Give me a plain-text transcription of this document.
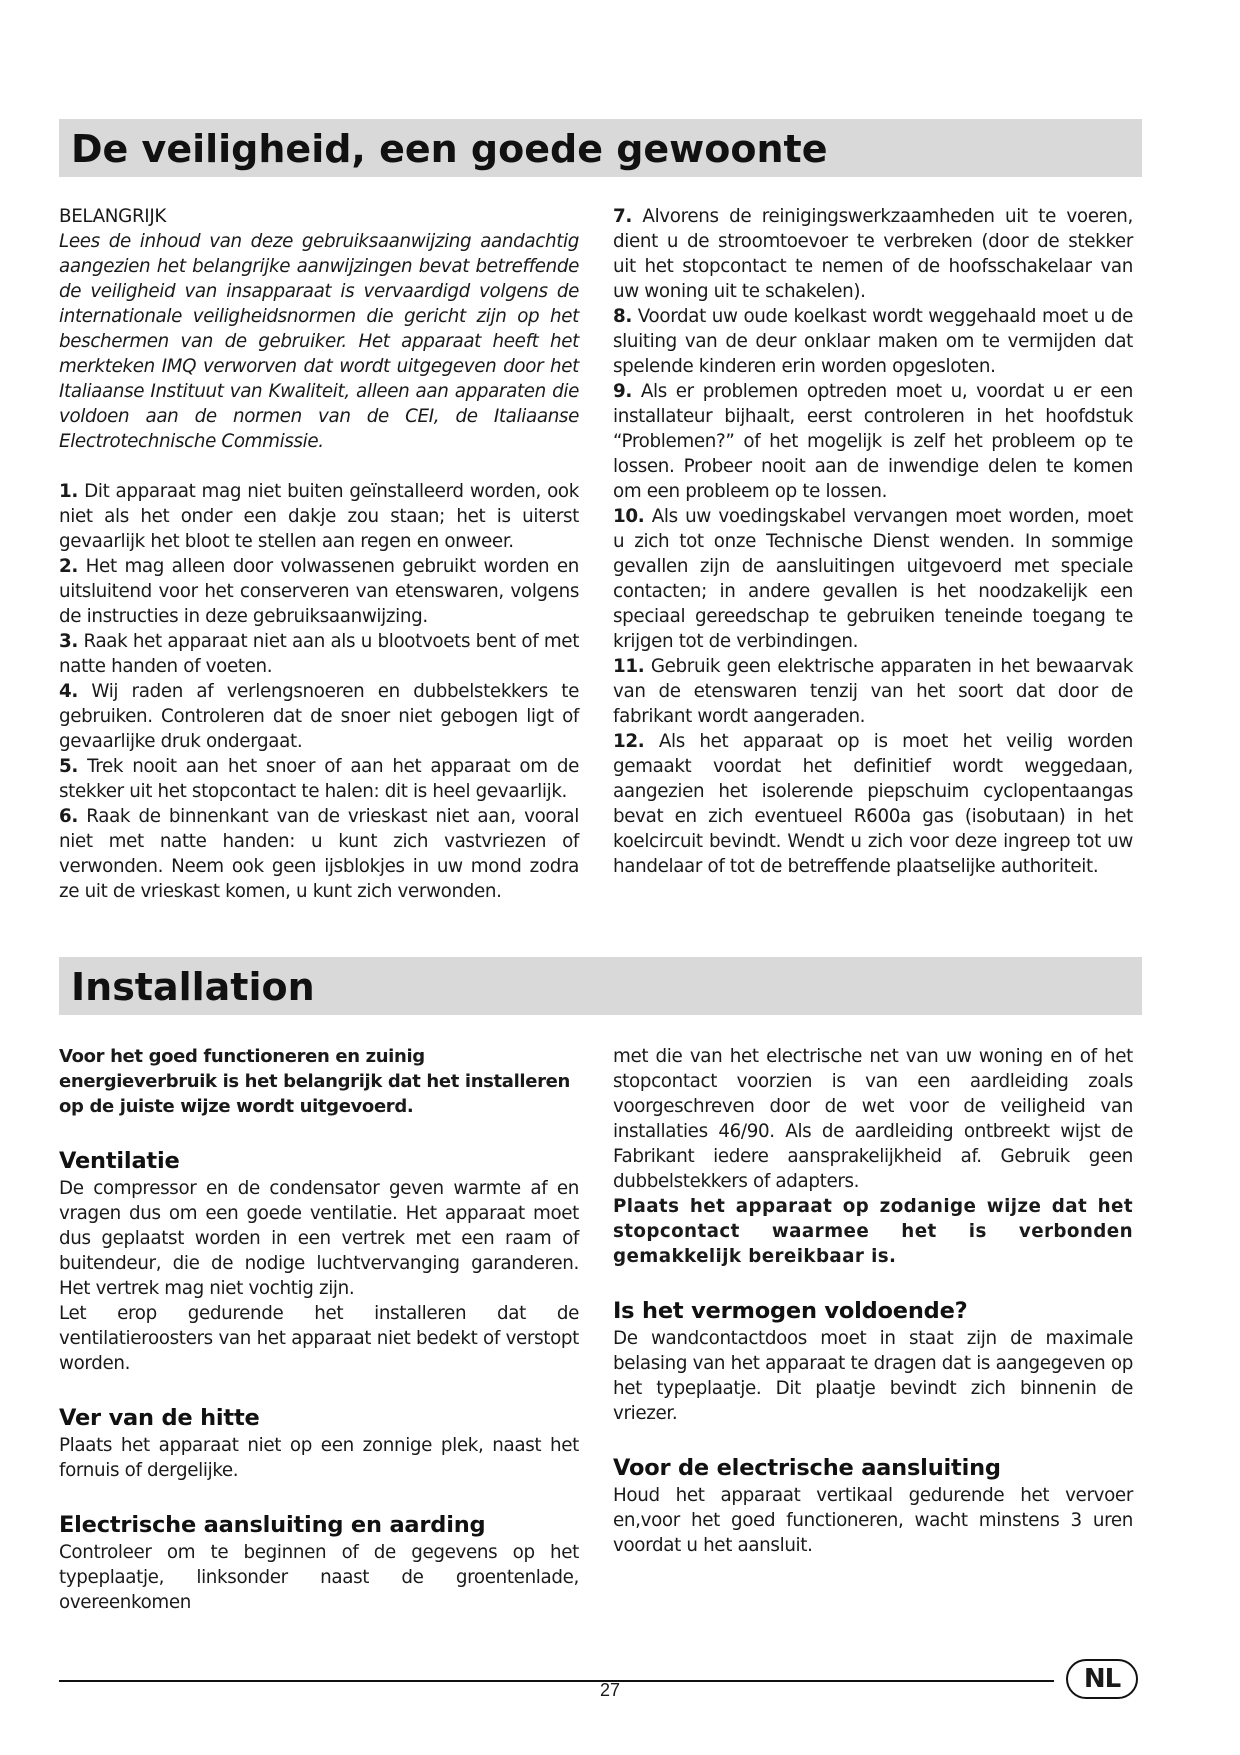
De veiligheid, een goede gewoonte

BELANGRIJK

Lees de inhoud van deze gebruiksaanwijzing aandachtig aangezien het belangrijke aanwijzingen bevat betreffende de veiligheid van insapparaat is vervaardigd volgens de internationale veiligheidsnormen die gericht zijn op het beschermen van de gebruiker. Het apparaat heeft het merkteken IMQ verworven dat wordt uitgegeven door het Italiaanse Instituut van Kwaliteit, alleen aan apparaten die voldoen aan de normen van de CEI, de Italiaanse Electrotechnische Commissie.

1. Dit apparaat mag niet buiten geïnstalleerd worden, ook niet als het onder een dakje zou staan; het is uiterst gevaarlijk het bloot te stellen aan regen en onweer.

2. Het mag alleen door volwassenen gebruikt worden en uitsluitend voor het conserveren van etenswaren, volgens de instructies in deze gebruiksaanwijzing.

3. Raak het apparaat niet aan als u blootvoets bent of met natte handen of voeten.

4. Wij raden af verlengsnoeren en dubbelstekkers te gebruiken. Controleren dat de snoer niet gebogen ligt of gevaarlijke druk ondergaat.

5. Trek nooit aan het snoer of aan het apparaat om de stekker uit het stopcontact te halen: dit is heel gevaarlijk.

6. Raak de binnenkant van de vrieskast niet aan, vooral niet met natte handen: u kunt zich vastvriezen of verwonden. Neem ook geen ijsblokjes in uw mond zodra ze uit de vrieskast komen, u kunt zich verwonden.

7. Alvorens de reinigingswerkzaamheden uit te voeren, dient u de stroomtoevoer te verbreken (door de stekker uit het stopcontact te nemen of de hoofsschakelaar van uw woning uit te schakelen).

8. Voordat uw oude koelkast wordt weggehaald moet u de sluiting van de deur onklaar maken om te vermijden dat spelende kinderen erin worden opgesloten.

9. Als er problemen optreden moet u, voordat u er een installateur bijhaalt, eerst controleren in het hoofdstuk “Problemen?” of het mogelijk is zelf het probleem op te lossen. Probeer nooit aan de inwendige delen te komen om een probleem op te lossen.

10. Als uw voedingskabel vervangen moet worden, moet u zich tot onze Technische Dienst wenden. In sommige gevallen zijn de aansluitingen uitgevoerd met speciale contacten; in andere gevallen is het noodzakelijk een speciaal gereedschap te gebruiken teneinde toegang te krijgen tot de verbindingen.

11. Gebruik geen elektrische apparaten in het bewaarvak van de etenswaren tenzij van het soort dat door de fabrikant wordt aangeraden.

12. Als het apparaat op is moet het veilig worden gemaakt voordat het definitief wordt weggedaan, aangezien het isolerende piepschuim cyclopentaangas bevat en zich eventueel R600a gas (isobutaan) in het koelcircuit bevindt. Wendt u zich voor deze ingreep tot uw handelaar of tot de betreffende plaatselijke authoriteit.

Installation

Voor het goed functioneren en zuinig energieverbruik is het belangrijk dat het installeren op de juiste wijze wordt uitgevoerd.

Ventilatie

De compressor en de condensator geven warmte af en vragen dus om een goede ventilatie. Het apparaat moet dus geplaatst worden in een vertrek met een raam of buitendeur, die de nodige luchtvervanging garanderen. Het vertrek mag niet vochtig zijn.

Let erop gedurende het installeren dat de ventilatieroosters van het apparaat niet bedekt of verstopt worden.

Ver van de hitte

Plaats het apparaat niet op een zonnige plek, naast het fornuis of dergelijke.

Electrische aansluiting en aarding

Controleer om te beginnen of de gegevens op het typeplaatje, linksonder naast de groentenlade, overeenkomen

met die van het electrische net van uw woning en of het stopcontact voorzien is van een aardleiding zoals voorgeschreven door de wet voor de veiligheid van installaties 46/90. Als de aardleiding ontbreekt wijst de Fabrikant iedere aansprakelijkheid af. Gebruik geen dubbelstekkers of adapters.

Plaats het apparaat op zodanige wijze dat het stopcontact waarmee het is verbonden gemakkelijk bereikbaar is.

Is het vermogen voldoende?

De wandcontactdoos moet in staat zijn de maximale belasing van het apparaat te dragen dat is aangegeven op het typeplaatje. Dit plaatje bevindt zich binnenin de vriezer.

Voor de electrische aansluiting

Houd het apparaat vertikaal gedurende het vervoer en,voor het goed functioneren, wacht minstens 3 uren voordat u het aansluit.

27	NL
